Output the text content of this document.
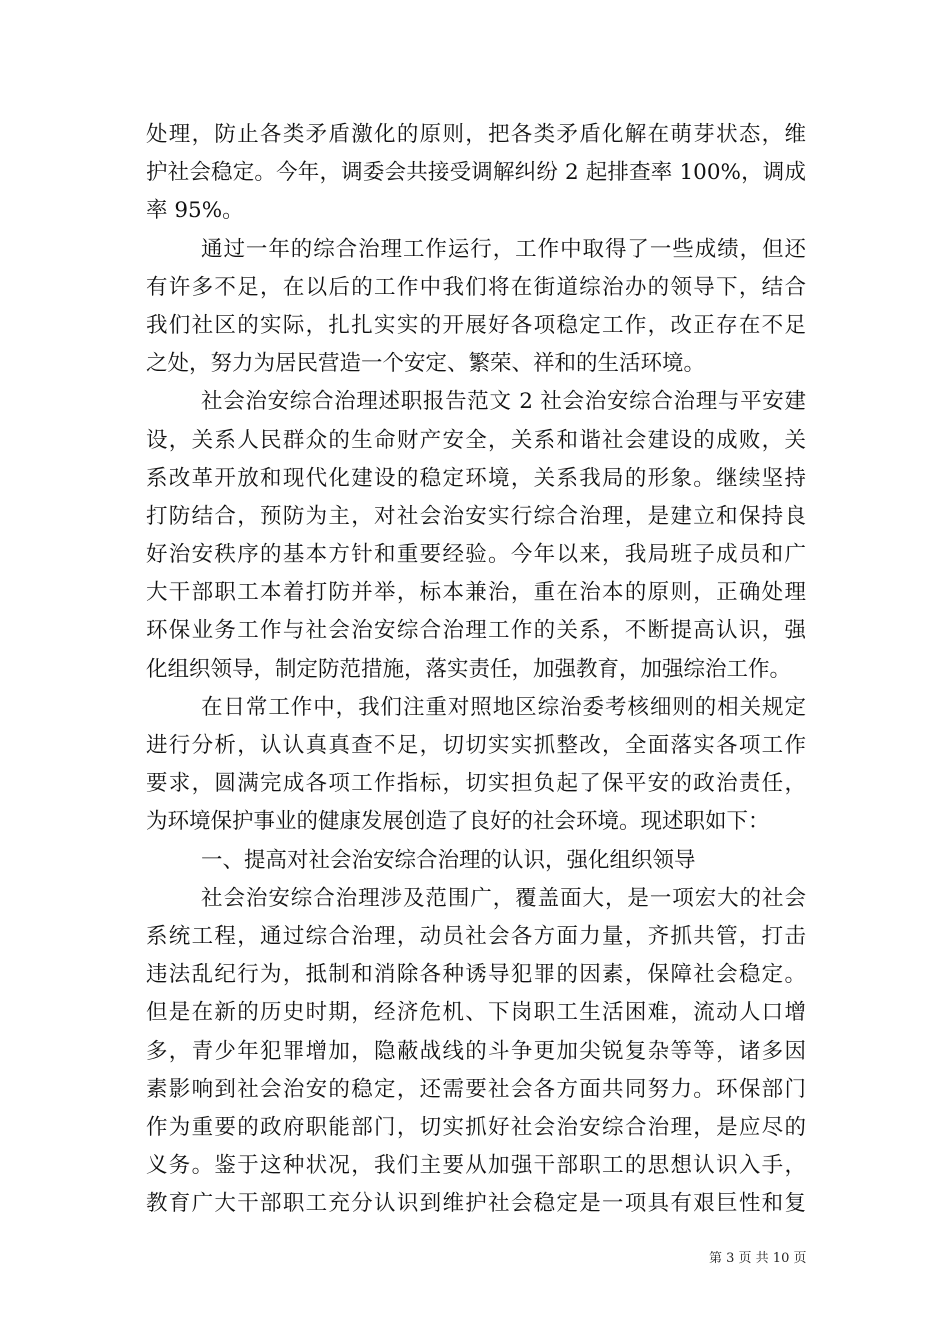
处理，防止各类矛盾激化的原则，把各类矛盾化解在萌芽状态，维
护社会稳定。今年，调委会共接受调解纠纷 2 起排查率 100%，调成
率 95%。
通过一年的综合治理工作运行，工作中取得了一些成绩，但还
有许多不足，在以后的工作中我们将在街道综治办的领导下，结合
我们社区的实际，扎扎实实的开展好各项稳定工作，改正存在不足
之处，努力为居民营造一个安定、繁荣、祥和的生活环境。
社会治安综合治理述职报告范文 2 社会治安综合治理与平安建
设，关系人民群众的生命财产安全，关系和谐社会建设的成败，关
系改革开放和现代化建设的稳定环境，关系我局的形象。继续坚持
打防结合，预防为主，对社会治安实行综合治理，是建立和保持良
好治安秩序的基本方针和重要经验。今年以来，我局班子成员和广
大干部职工本着打防并举，标本兼治，重在治本的原则，正确处理
环保业务工作与社会治安综合治理工作的关系，不断提高认识，强
化组织领导，制定防范措施，落实责任，加强教育，加强综治工作。
在日常工作中，我们注重对照地区综治委考核细则的相关规定
进行分析，认认真真查不足，切切实实抓整改，全面落实各项工作
要求，圆满完成各项工作指标，切实担负起了保平安的政治责任，
为环境保护事业的健康发展创造了良好的社会环境。现述职如下：
一、提高对社会治安综合治理的认识，强化组织领导
社会治安综合治理涉及范围广，覆盖面大，是一项宏大的社会
系统工程，通过综合治理，动员社会各方面力量，齐抓共管，打击
违法乱纪行为，抵制和消除各种诱导犯罪的因素，保障社会稳定。
但是在新的历史时期，经济危机、下岗职工生活困难，流动人口增
多，青少年犯罪增加，隐蔽战线的斗争更加尖锐复杂等等，诸多因
素影响到社会治安的稳定，还需要社会各方面共同努力。环保部门
作为重要的政府职能部门，切实抓好社会治安综合治理，是应尽的
义务。鉴于这种状况，我们主要从加强干部职工的思想认识入手，
教育广大干部职工充分认识到维护社会稳定是一项具有艰巨性和复
第 3 页 共 10 页
